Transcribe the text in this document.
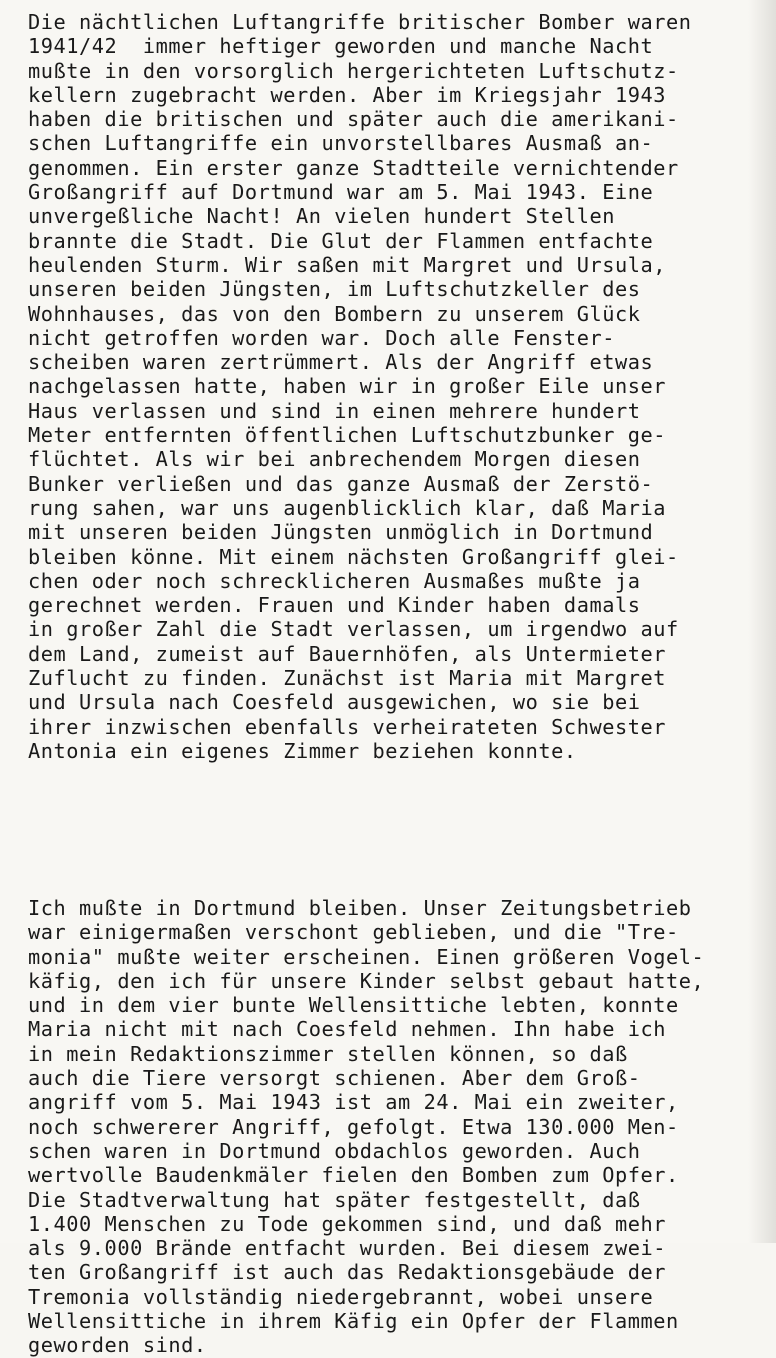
Die nächtlichen Luftangriffe britischer Bomber waren
1941/42  immer heftiger geworden und manche Nacht
mußte in den vorsorglich hergerichteten Luftschutz-
kellern zugebracht werden. Aber im Kriegsjahr 1943
haben die britischen und später auch die amerikani-
schen Luftangriffe ein unvorstellbares Ausmaß an-
genommen. Ein erster ganze Stadtteile vernichtender
Großangriff auf Dortmund war am 5. Mai 1943. Eine
unvergeßliche Nacht! An vielen hundert Stellen
brannte die Stadt. Die Glut der Flammen entfachte
heulenden Sturm. Wir saßen mit Margret und Ursula,
unseren beiden Jüngsten, im Luftschutzkeller des
Wohnhauses, das von den Bombern zu unserem Glück
nicht getroffen worden war. Doch alle Fenster-
scheiben waren zertrümmert. Als der Angriff etwas
nachgelassen hatte, haben wir in großer Eile unser
Haus verlassen und sind in einen mehrere hundert
Meter entfernten öffentlichen Luftschutzbunker ge-
flüchtet. Als wir bei anbrechendem Morgen diesen
Bunker verließen und das ganze Ausmaß der Zerstö-
rung sahen, war uns augenblicklich klar, daß Maria
mit unseren beiden Jüngsten unmöglich in Dortmund
bleiben könne. Mit einem nächsten Großangriff glei-
chen oder noch schrecklicheren Ausmaßes mußte ja
gerechnet werden. Frauen und Kinder haben damals
in großer Zahl die Stadt verlassen, um irgendwo auf
dem Land, zumeist auf Bauernhöfen, als Untermieter
Zuflucht zu finden. Zunächst ist Maria mit Margret
und Ursula nach Coesfeld ausgewichen, wo sie bei
ihrer inzwischen ebenfalls verheirateten Schwester
Antonia ein eigenes Zimmer beziehen konnte.
Ich mußte in Dortmund bleiben. Unser Zeitungsbetrieb
war einigermaßen verschont geblieben, und die "Tre-
monia" mußte weiter erscheinen. Einen größeren Vogel-
käfig, den ich für unsere Kinder selbst gebaut hatte,
und in dem vier bunte Wellensittiche lebten, konnte
Maria nicht mit nach Coesfeld nehmen. Ihn habe ich
in mein Redaktionszimmer stellen können, so daß
auch die Tiere versorgt schienen. Aber dem Groß-
angriff vom 5. Mai 1943 ist am 24. Mai ein zweiter,
noch schwererer Angriff, gefolgt. Etwa 130.000 Men-
schen waren in Dortmund obdachlos geworden. Auch
wertvolle Baudenkmäler fielen den Bomben zum Opfer.
Die Stadtverwaltung hat später festgestellt, daß
1.400 Menschen zu Tode gekommen sind, und daß mehr
als 9.000 Brände entfacht wurden. Bei diesem zwei-
ten Großangriff ist auch das Redaktionsgebäude der
Tremonia vollständig niedergebrannt, wobei unsere
Wellensittiche in ihrem Käfig ein Opfer der Flammen
geworden sind.
